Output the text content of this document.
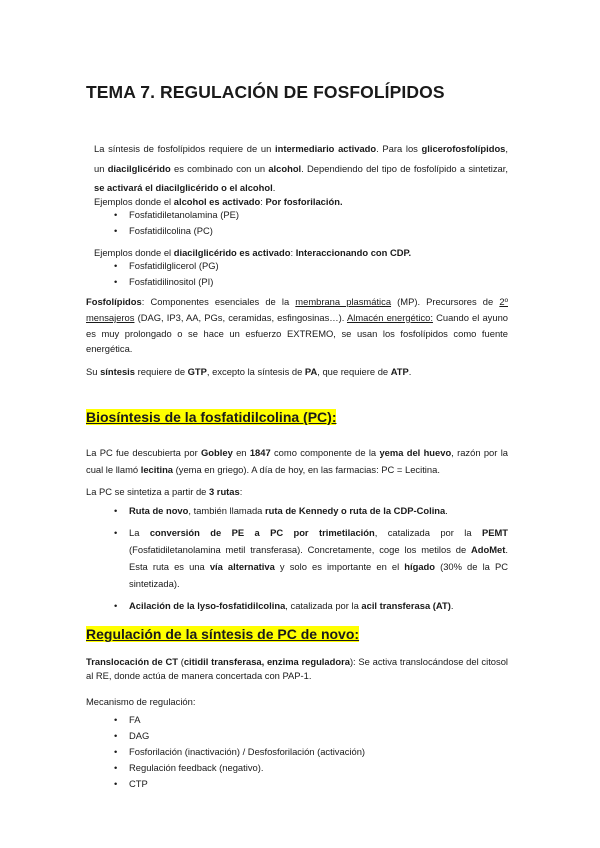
TEMA 7. REGULACIÓN DE FOSFOLÍPIDOS
La síntesis de fosfolípidos requiere de un intermediario activado. Para los glicerofosfolípidos, un diacilglicérido es combinado con un alcohol. Dependiendo del tipo de fosfolípido a sintetizar, se activará el diacilglicérido o el alcohol.
Ejemplos donde el alcohol es activado: Por fosforilación.
• Fosfatidiletanolamina (PE)
• Fosfatidilcolina (PC)
Ejemplos donde el diacilglicérido es activado: Interaccionando con CDP.
• Fosfatidilglicerol (PG)
• Fosfatidilinositol (PI)
Fosfolípidos: Componentes esenciales de la membrana plasmática (MP). Precursores de 2º mensajeros (DAG, IP3, AA, PGs, ceramidas, esfingosinas…). Almacén energético: Cuando el ayuno es muy prolongado o se hace un esfuerzo EXTREMO, se usan los fosfolípidos como fuente energética.
Su síntesis requiere de GTP, excepto la síntesis de PA, que requiere de ATP.
Biosíntesis de la fosfatidilcolina (PC):
La PC fue descubierta por Gobley en 1847 como componente de la yema del huevo, razón por la cual le llamó lecitina (yema en griego). A día de hoy, en las farmacias: PC = Lecitina.
La PC se sintetiza a partir de 3 rutas:
• Ruta de novo, también llamada ruta de Kennedy o ruta de la CDP-Colina.
• La conversión de PE a PC por trimetilación, catalizada por la PEMT (Fosfatidiletanolamina metil transferasa). Concretamente, coge los metilos de AdoMet. Esta ruta es una vía alternativa y solo es importante en el hígado (30% de la PC sintetizada).
• Acilación de la lyso-fosfatidilcolina, catalizada por la acil transferasa (AT).
Regulación de la síntesis de PC de novo:
Translocación de CT (citidil transferasa, enzima reguladora): Se activa translocándose del citosol al RE, donde actúa de manera concertada con PAP-1.
Mecanismo de regulación:
• FA
• DAG
• Fosforilación (inactivación) / Desfosforilación (activación)
• Regulación feedback (negativo).
• CTP
